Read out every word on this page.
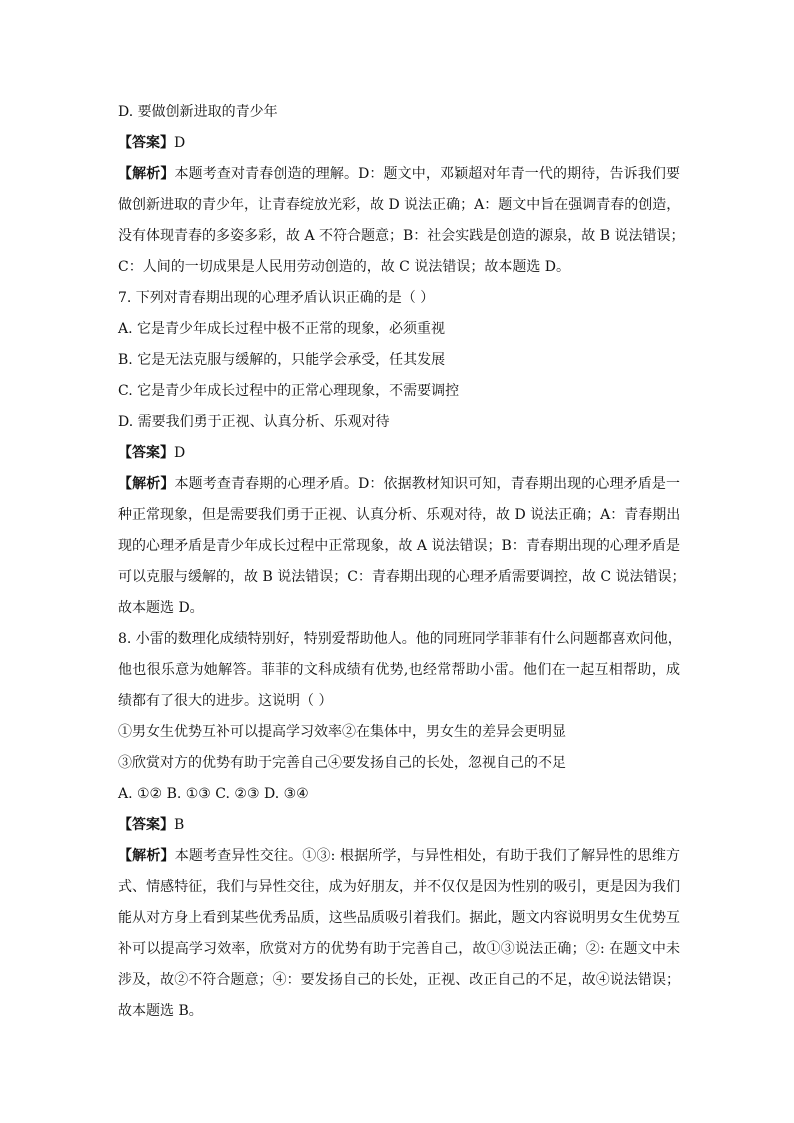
D. 要做创新进取的青少年
【答案】D
【解析】本题考查对青春创造的理解。D：题文中，邓颖超对年青一代的期待，告诉我们要
做创新进取的青少年，让青春绽放光彩，故 D 说法正确；A：题文中旨在强调青春的创造，
没有体现青春的多姿多彩，故 A 不符合题意；B：社会实践是创造的源泉，故 B 说法错误；
C：人间的一切成果是人民用劳动创造的，故 C 说法错误；故本题选 D。
7. 下列对青春期出现的心理矛盾认识正确的是（ ）
A. 它是青少年成长过程中极不正常的现象，必须重视
B. 它是无法克服与缓解的，只能学会承受，任其发展
C. 它是青少年成长过程中的正常心理现象，不需要调控
D. 需要我们勇于正视、认真分析、乐观对待
【答案】D
【解析】本题考查青春期的心理矛盾。D：依据教材知识可知，青春期出现的心理矛盾是一
种正常现象，但是需要我们勇于正视、认真分析、乐观对待，故 D 说法正确；A：青春期出
现的心理矛盾是青少年成长过程中正常现象，故 A 说法错误；B：青春期出现的心理矛盾是
可以克服与缓解的，故 B 说法错误；C：青春期出现的心理矛盾需要调控，故 C 说法错误；
故本题选 D。
8. 小雷的数理化成绩特别好，特别爱帮助他人。他的同班同学菲菲有什么问题都喜欢问他，
他也很乐意为她解答。菲菲的文科成绩有优势,也经常帮助小雷。他们在一起互相帮助，成
绩都有了很大的进步。这说明（ ）
①男女生优势互补可以提高学习效率②在集体中，男女生的差异会更明显
③欣赏对方的优势有助于完善自己④要发扬自己的长处，忽视自己的不足
A. ①② B. ①③ C. ②③ D. ③④
【答案】B
【解析】本题考查异性交往。①③: 根据所学，与异性相处，有助于我们了解异性的思维方
式、情感特征，我们与异性交往，成为好朋友，并不仅仅是因为性别的吸引，更是因为我们
能从对方身上看到某些优秀品质，这些品质吸引着我们。据此，题文内容说明男女生优势互
补可以提高学习效率，欣赏对方的优势有助于完善自己，故①③说法正确；②: 在题文中未
涉及，故②不符合题意；④：要发扬自己的长处，正视、改正自己的不足，故④说法错误；
故本题选 B。
